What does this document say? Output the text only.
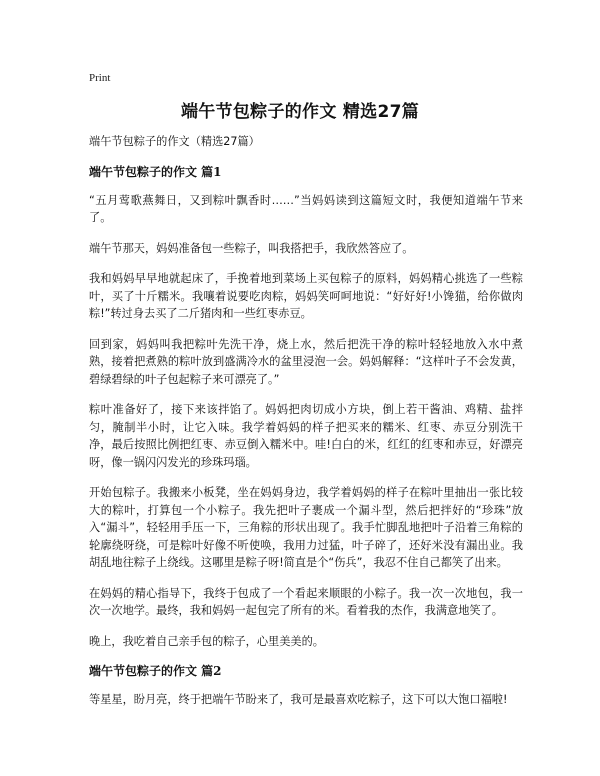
Print
端午节包粽子的作文 精选27篇

端午节包粽子的作文（精选27篇）

端午节包粽子的作文 篇1

“五月莺歌燕舞日，又到粽叶飘香时……”当妈妈读到这篇短文时，我便知道端午节来了。

端午节那天，妈妈准备包一些粽子，叫我搭把手，我欣然答应了。

我和妈妈早早地就起床了，手挽着地到菜场上买包粽子的原料，妈妈精心挑选了一些粽叶，买了十斤糯米。我嚷着说要吃肉粽，妈妈笑呵呵地说：“好好好!小馋猫，给你做肉粽!”转过身去买了二斤猪肉和一些红枣赤豆。

回到家，妈妈叫我把粽叶先洗干净，烧上水，然后把洗干净的粽叶轻轻地放入水中煮熟，接着把煮熟的粽叶放到盛满冷水的盆里浸泡一会。妈妈解释：“这样叶子不会发黄，碧绿碧绿的叶子包起粽子来可漂亮了。”

粽叶准备好了，接下来该拌馅了。妈妈把肉切成小方块，倒上若干酱油、鸡精、盐拌匀，腌制半小时，让它入味。我学着妈妈的样子把买来的糯米、红枣、赤豆分别洗干净，最后按照比例把红枣、赤豆倒入糯米中。哇!白白的米，红红的红枣和赤豆，好漂亮呀，像一锅闪闪发光的珍珠玛瑙。

开始包粽子。我搬来小板凳，坐在妈妈身边，我学着妈妈的样子在粽叶里抽出一张比较大的粽叶，打算包一个小粽子。我先把叶子裹成一个漏斗型，然后把拌好的“珍珠”放入“漏斗”，轻轻用手压一下，三角粽的形状出现了。我手忙脚乱地把叶子沿着三角粽的轮廓绕呀绕，可是粽叶好像不听使唤，我用力过猛，叶子碎了，还好米没有漏出业。我胡乱地往粽子上绕线。这哪里是粽子呀!简直是个“伤兵”，我忍不住自己都笑了出来。

在妈妈的精心指导下，我终于包成了一个看起来顺眼的小粽子。我一次一次地包，我一次一次地学。最终，我和妈妈一起包完了所有的米。看着我的杰作，我满意地笑了。

晚上，我吃着自己亲手包的粽子，心里美美的。

端午节包粽子的作文 篇2

等星星，盼月亮，终于把端午节盼来了，我可是最喜欢吃粽子，这下可以大饱口福啦!
